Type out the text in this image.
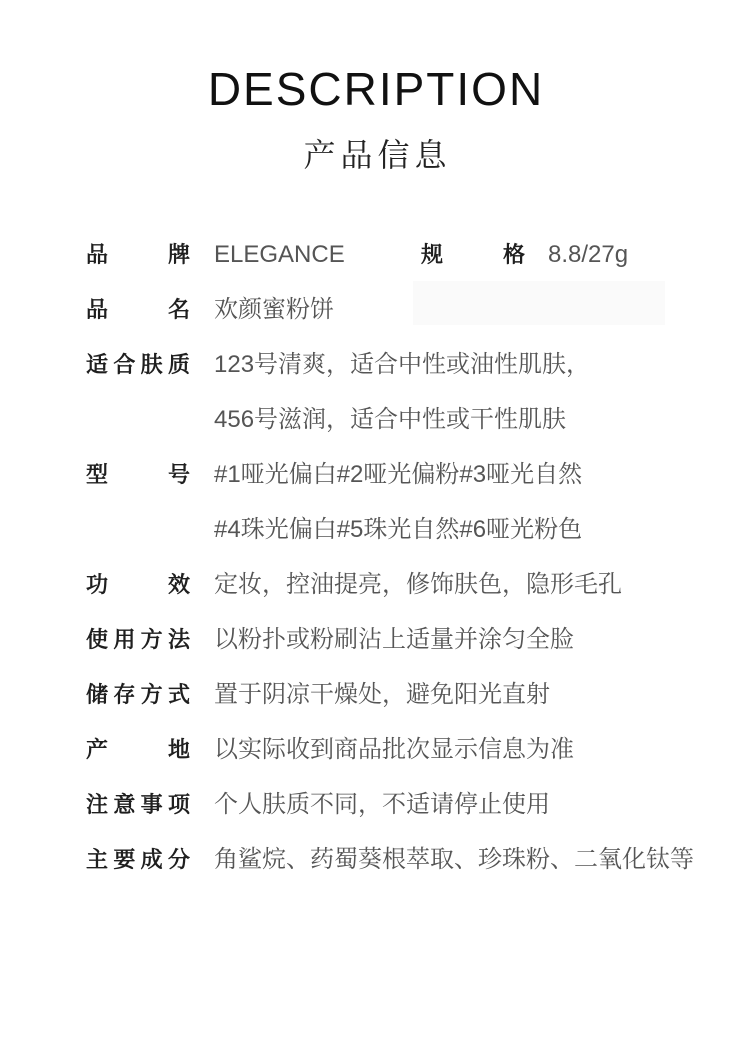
DESCRIPTION
产品信息
品 牌 ELEGANCE	规 格 8.8/27g
品 名 欢颜蜜粉饼
适合肤质 123号清爽，适合中性或油性肌肤，
456号滋润，适合中性或干性肌肤
型 号 #1哑光偏白#2哑光偏粉#3哑光自然
#4珠光偏白#5珠光自然#6哑光粉色
功 效 定妆，控油提亮，修饰肤色，隐形毛孔
使用方法 以粉扑或粉刷沾上适量并涂匀全脸
储存方式 置于阴凉干燥处，避免阳光直射
产 地 以实际收到商品批次显示信息为准
注意事项 个人肤质不同，不适请停止使用
主要成分 角鲨烷、药蜀葵根萃取、珍珠粉、二氧化钛等
